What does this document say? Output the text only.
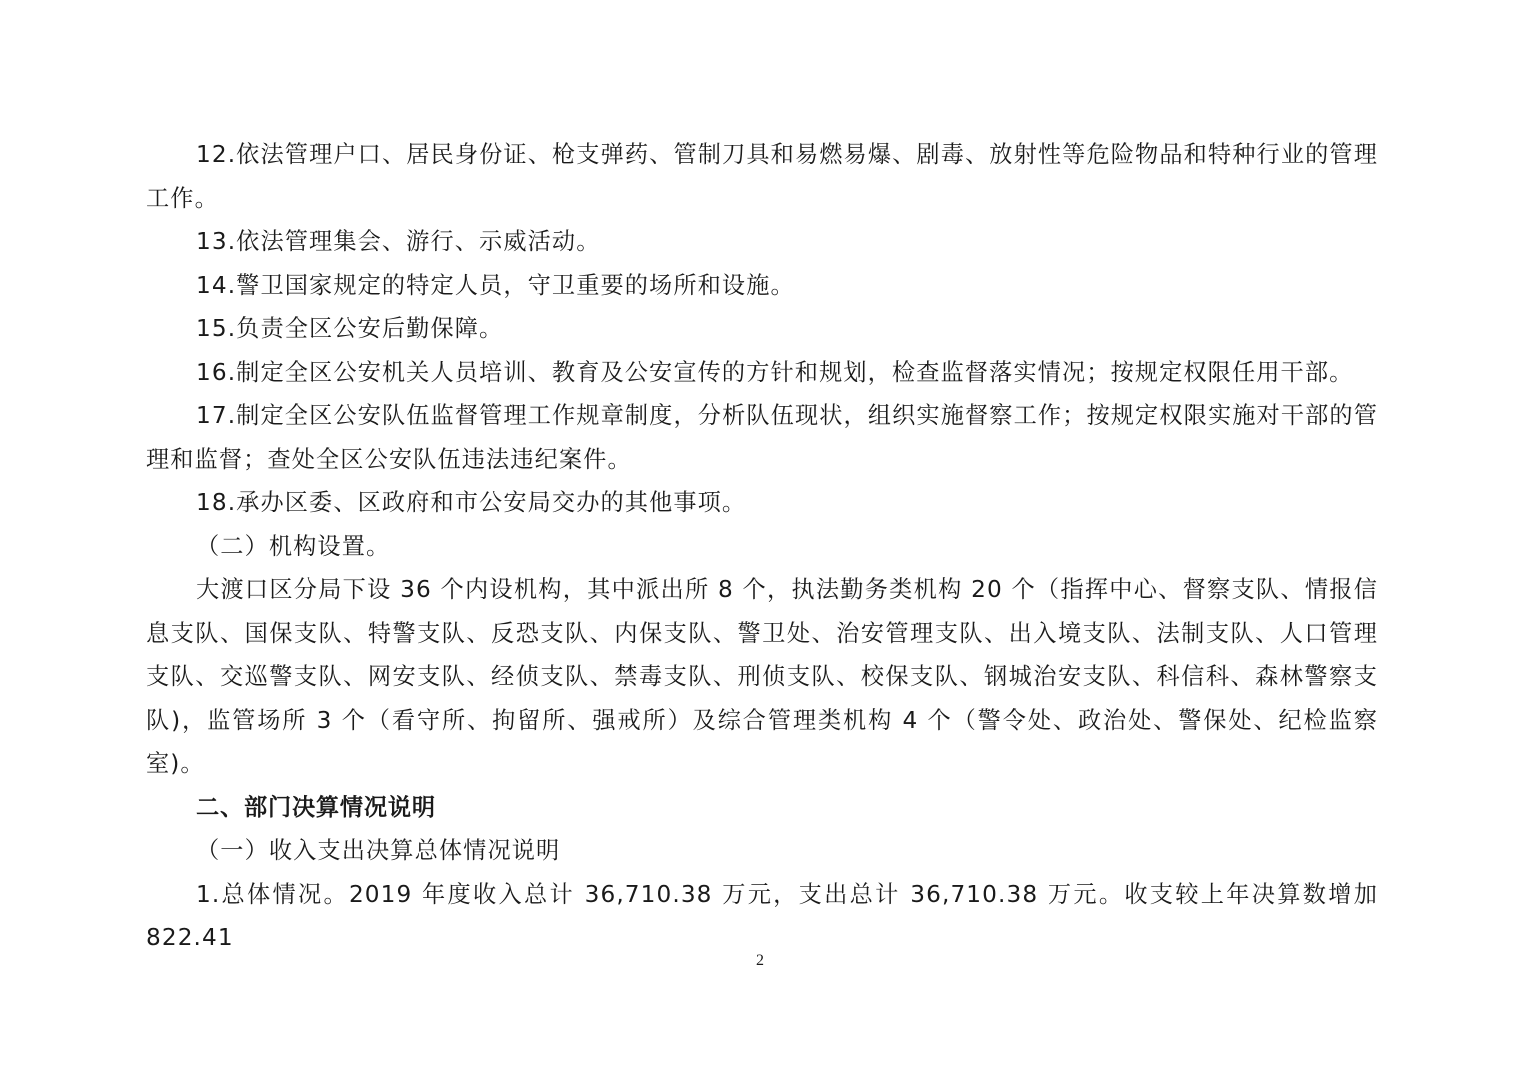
12.依法管理户口、居民身份证、枪支弹药、管制刀具和易燃易爆、剧毒、放射性等危险物品和特种行业的管理工作。

13.依法管理集会、游行、示威活动。

14.警卫国家规定的特定人员，守卫重要的场所和设施。

15.负责全区公安后勤保障。

16.制定全区公安机关人员培训、教育及公安宣传的方针和规划，检查监督落实情况；按规定权限任用干部。

17.制定全区公安队伍监督管理工作规章制度，分析队伍现状，组织实施督察工作；按规定权限实施对干部的管理和监督；查处全区公安队伍违法违纪案件。

18.承办区委、区政府和市公安局交办的其他事项。

（二）机构设置。

大渡口区分局下设 36 个内设机构，其中派出所 8 个，执法勤务类机构 20 个（指挥中心、督察支队、情报信息支队、国保支队、特警支队、反恐支队、内保支队、警卫处、治安管理支队、出入境支队、法制支队、人口管理支队、交巡警支队、网安支队、经侦支队、禁毒支队、刑侦支队、校保支队、钢城治安支队、科信科、森林警察支队)，监管场所 3 个（看守所、拘留所、强戒所）及综合管理类机构 4 个（警令处、政治处、警保处、纪检监察室)。

二、部门决算情况说明

（一）收入支出决算总体情况说明

1.总体情况。2019 年度收入总计 36,710.38 万元，支出总计 36,710.38 万元。收支较上年决算数增加 822.41

2
